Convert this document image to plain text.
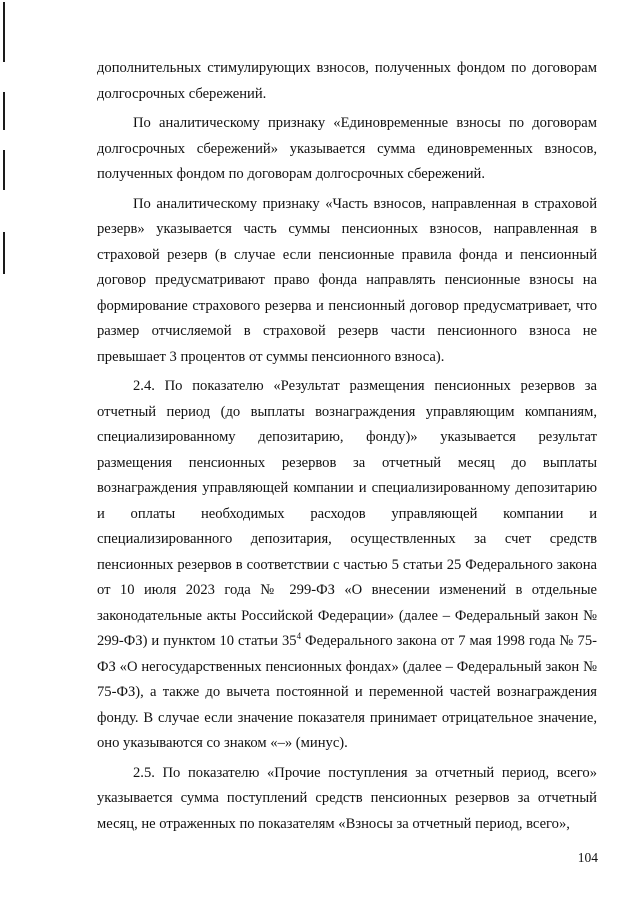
дополнительных стимулирующих взносов, полученных фондом по договорам долгосрочных сбережений.

По аналитическому признаку «Единовременные взносы по договорам долгосрочных сбережений» указывается сумма единовременных взносов, полученных фондом по договорам долгосрочных сбережений.

По аналитическому признаку «Часть взносов, направленная в страховой резерв» указывается часть суммы пенсионных взносов, направленная в страховой резерв (в случае если пенсионные правила фонда и пенсионный договор предусматривают право фонда направлять пенсионные взносы на формирование страхового резерва и пенсионный договор предусматривает, что размер отчисляемой в страховой резерв части пенсионного взноса не превышает 3 процентов от суммы пенсионного взноса).

2.4. По показателю «Результат размещения пенсионных резервов за отчетный период (до выплаты вознаграждения управляющим компаниям, специализированному депозитарию, фонду)» указывается результат размещения пенсионных резервов за отчетный месяц до выплаты вознаграждения управляющей компании и специализированному депозитарию и оплаты необходимых расходов управляющей компании и специализированного депозитария, осуществленных за счет средств пенсионных резервов в соответствии с частью 5 статьи 25 Федерального закона от 10 июля 2023 года № 299-ФЗ «О внесении изменений в отдельные законодательные акты Российской Федерации» (далее – Федеральный закон № 299-ФЗ) и пунктом 10 статьи $35^4$ Федерального закона от 7 мая 1998 года № 75-ФЗ «О негосударственных пенсионных фондах» (далее – Федеральный закон № 75-ФЗ), а также до вычета постоянной и переменной частей вознаграждения фонду. В случае если значение показателя принимает отрицательное значение, оно указываются со знаком «–» (минус).

2.5. По показателю «Прочие поступления за отчетный период, всего» указывается сумма поступлений средств пенсионных резервов за отчетный месяц, не отраженных по показателям «Взносы за отчетный период, всего»,

104
